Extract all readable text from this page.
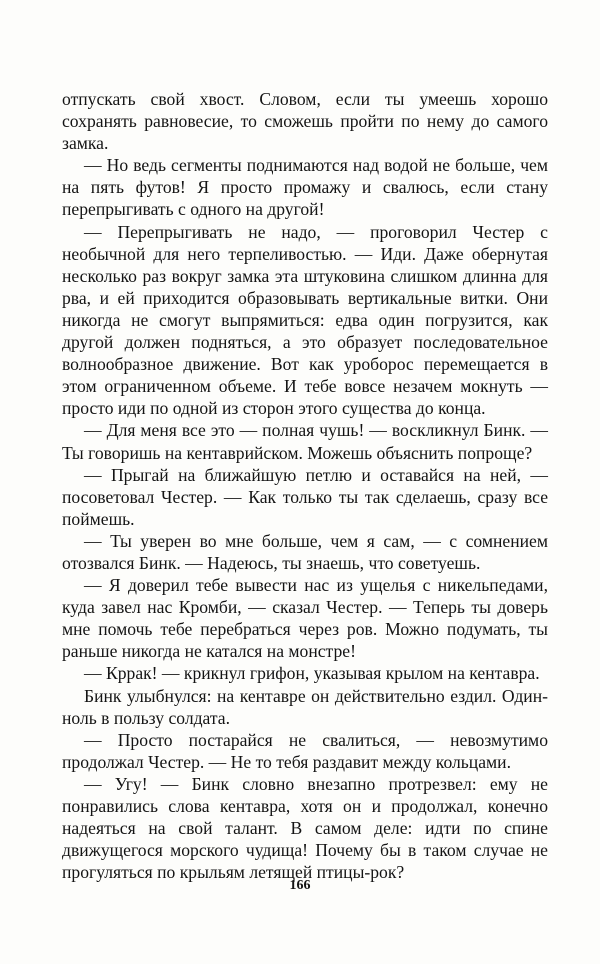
отпускать свой хвост. Словом, если ты умеешь хорошо сохранять равновесие, то сможешь пройти по нему до самого замка.

— Но ведь сегменты поднимаются над водой не больше, чем на пять футов! Я просто промажу и свалюсь, если стану перепрыгивать с одного на другой!

— Перепрыгивать не надо, — проговорил Честер с необычной для него терпеливостью. — Иди. Даже обернутая несколько раз вокруг замка эта штуковина слишком длинна для рва, и ей приходится образовывать вертикальные витки. Они никогда не смогут выпрямиться: едва один погрузится, как другой должен подняться, а это образует последовательное волнообразное движение. Вот как уроборос перемещается в этом ограниченном объеме. И тебе вовсе незачем мокнуть — просто иди по одной из сторон этого существа до конца.

— Для меня все это — полная чушь! — воскликнул Бинк. — Ты говоришь на кентаврийском. Можешь объяснить попроще?

— Прыгай на ближайшую петлю и оставайся на ней, — посоветовал Честер. — Как только ты так сделаешь, сразу все поймешь.

— Ты уверен во мне больше, чем я сам, — с сомнением отозвался Бинк. — Надеюсь, ты знаешь, что советуешь.

— Я доверил тебе вывести нас из ущелья с никельпедами, куда завел нас Кромби, — сказал Честер. — Теперь ты доверь мне помочь тебе перебраться через ров. Можно подумать, ты раньше никогда не катался на монстре!

— Кррак! — крикнул грифон, указывая крылом на кентавра.

Бинк улыбнулся: на кентавре он действительно ездил. Один-ноль в пользу солдата.

— Просто постарайся не свалиться, — невозмутимо продолжал Честер. — Не то тебя раздавит между кольцами.

— Угу! — Бинк словно внезапно протрезвел: ему не понравились слова кентавра, хотя он и продолжал, конечно надеяться на свой талант. В самом деле: идти по спине движущегося морского чудища! Почему бы в таком случае не прогуляться по крыльям летящей птицы-рок?

166
